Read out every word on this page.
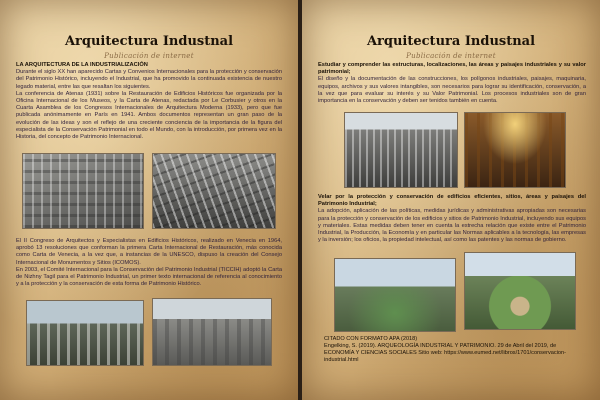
Arquitectura Industnal
Publicación de internet

LA ARQUITECTURA DE LA INDUSTRIALIZACIÓN

Durante el siglo XX han aparecido Cartas y Convenios Internacionales para la protección y conservación del Patrimonio Histórico, incluyendo el Industrial, que ha promovido la continuada existencia de nuestro legado material, entre las que resaltan los siguientes.

La conferencia de Atenas (1931) sobre la Restauración de Edificios Históricos fue organizada por la Oficina Internacional de los Museos, y la Carta de Atenas, redactada por Le Corbusier y otros en la Cuarta Asamblea de los Congresos Internacionales de Arquitectura Moderna (1933), pero que fue publicada anónimamente en París en 1941. Ambos documentos representan un gran paso de la evolución de las ideas y son el reflejo de una creciente conciencia de la importancia de la figura del especialista de la Conservación Patrimonial en todo el Mundo, con la introducción, por primera vez en la Historia, del concepto de Patrimonio Internacional.

El II Congreso de Arquitectos y Especialistas en Edificios Históricos, realizado en Venecia en 1964, aprobó 13 resoluciones que conforman la primera Carta Internacional de Restauración, más conocida como Carta de Venecia, a la vez que, a instancias de la UNESCO, dispuso la creación del Consejo Internacional de Monumentos y Sitios (ICOMOS).

En 2003, el Comité Internacional para la Conservación del Patrimonio Industrial (TICCIH) adoptó la Carta de Nizhny Tagil para el Patrimonio Industrial, un primer texto internacional de referencia al conocimiento y a la protección y la conservación de esta forma de Patrimonio Histórico.

Arquitectura Industnal
Publicación de internet

Estudiar y comprender las estructuras, localizaciones, las áreas y paisajes industriales y su valor patrimonial;

El diseño y la documentación de las construcciones, los polígonos industriales, paisajes, maquinaria, equipos, archivos y sus valores intangibles, son necesarios para lograr su identificación, conservación, a la vez que para evaluar su interés y su Valor Patrimonial. Los procesos industriales son de gran importancia en la conservación y deben ser tenidos también en cuenta.

Velar por la protección y conservación de edificios eficientes, sitios, áreas y paisajes del Patrimonio Industrial;

La adopción, aplicación de las políticas, medidas jurídicas y administrativas apropiadas son necesarias para la protección y conservación de los edificios y sitios de Patrimonio Industrial, incluyendo sus equipos y materiales. Estas medidas deben tener en cuenta la estrecha relación que existe entre el Patrimonio Industrial, la Producción, la Economía y en particular las Normas aplicables a la tecnología, las empresas y la inversión; los oficios, la propiedad intelectual, así como las patentes y las normas de gobierno.

CITADO CON FORMATO APA (2018)

Engelking, S. (2019). ARQUEOLOGÍA INDUSTRIAL Y PATRIMONIO. 29 de Abril del 2019, de ECONOMÍA Y CIENCIAS SOCIALES Sitio web: https://www.eumed.net/libros/1701/conservacion-industrial.html
